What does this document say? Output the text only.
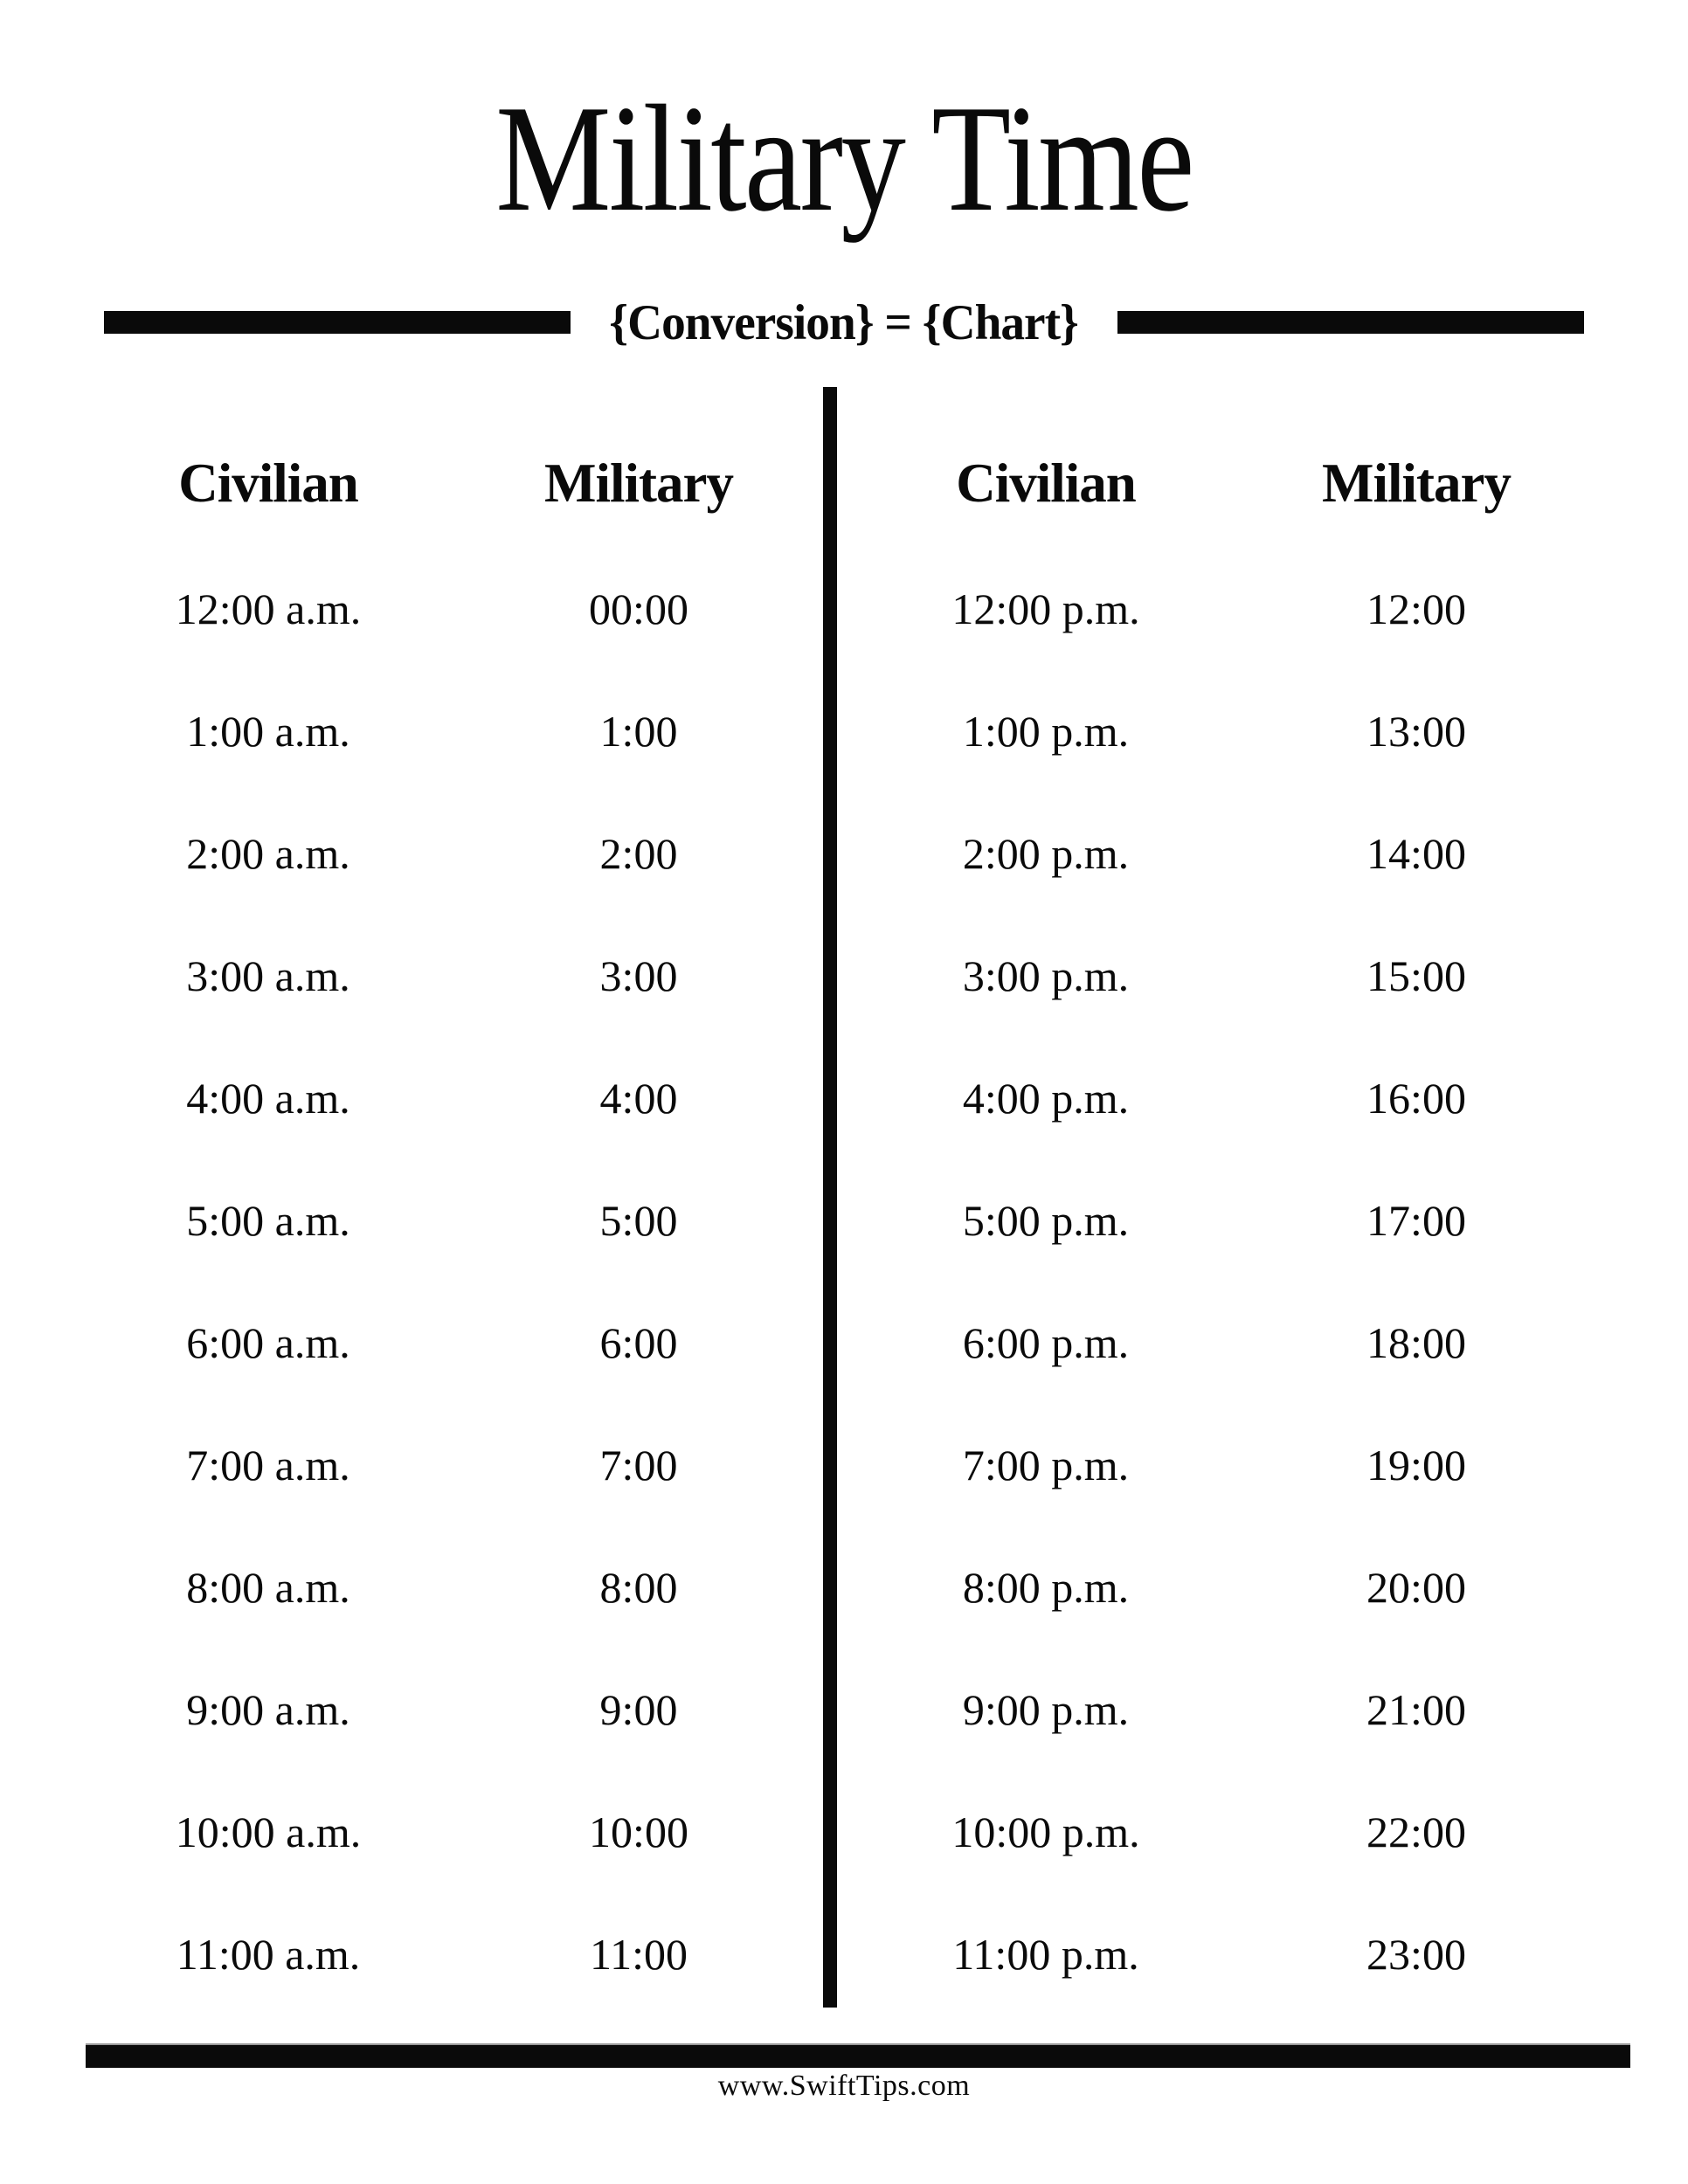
Military Time
{Conversion} = {Chart}
Civilian	Military
12:00 a.m.	00:00
1:00 a.m.	1:00
2:00 a.m.	2:00
3:00 a.m.	3:00
4:00 a.m.	4:00
5:00 a.m.	5:00
6:00 a.m.	6:00
7:00 a.m.	7:00
8:00 a.m.	8:00
9:00 a.m.	9:00
10:00 a.m.	10:00
11:00 a.m.	11:00
Civilian	Military
12:00 p.m.	12:00
1:00 p.m.	13:00
2:00 p.m.	14:00
3:00 p.m.	15:00
4:00 p.m.	16:00
5:00 p.m.	17:00
6:00 p.m.	18:00
7:00 p.m.	19:00
8:00 p.m.	20:00
9:00 p.m.	21:00
10:00 p.m.	22:00
11:00 p.m.	23:00
www.SwiftTips.com
